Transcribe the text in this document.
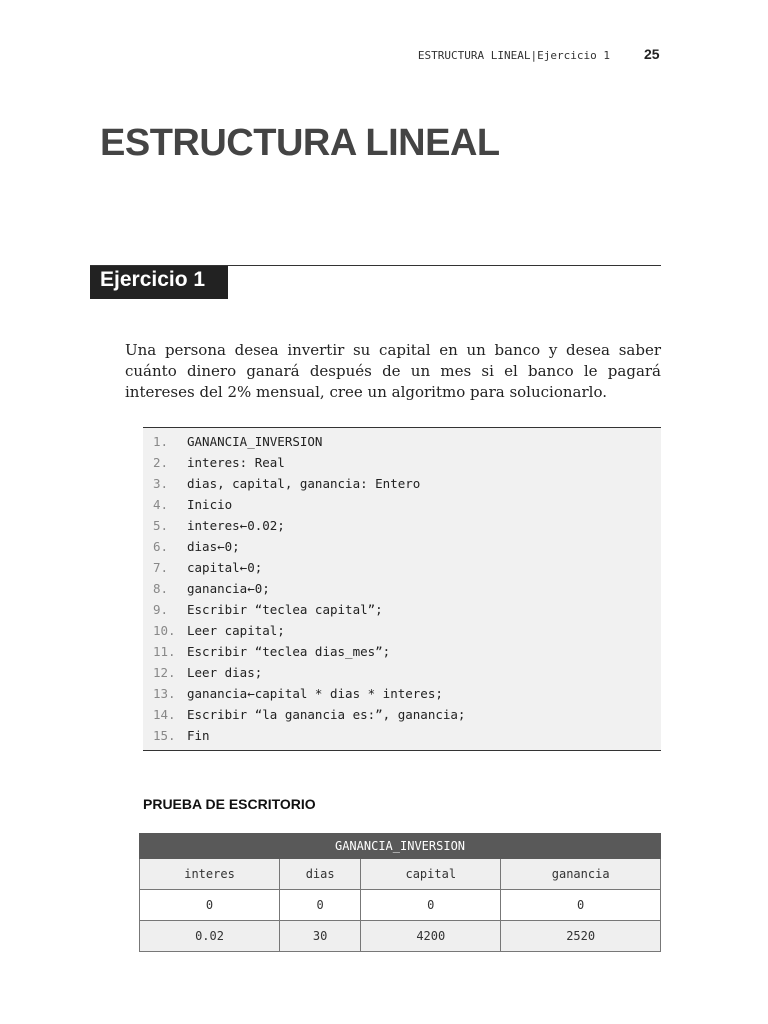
ESTRUCTURA LINEAL|Ejercicio 1 25
ESTRUCTURA LINEAL
Ejercicio 1

Una persona desea invertir su capital en un banco y desea saber cuánto dinero ganará después de un mes si el banco le pagará intereses del 2% mensual, cree un algoritmo para solucionarlo.

1.	GANANCIA_INVERSION
2.	interes: Real
3.	dias, capital, ganancia: Entero
4.	Inicio
5.	interes←0.02;
6.	dias←0;
7.	capital←0;
8.	ganancia←0;
9.	Escribir “teclea capital”;
10. Leer capital;
11. Escribir “teclea dias_mes”;
12. Leer dias;
13. ganancia←capital * dias * interes;
14. Escribir “la ganancia es:”, ganancia;
15. Fin
PRUEBA DE ESCRITORIO
GANANCIA_INVERSION			
interes	dias	capital	ganancia
0	0	0	0
0.02	30	4200	2520
